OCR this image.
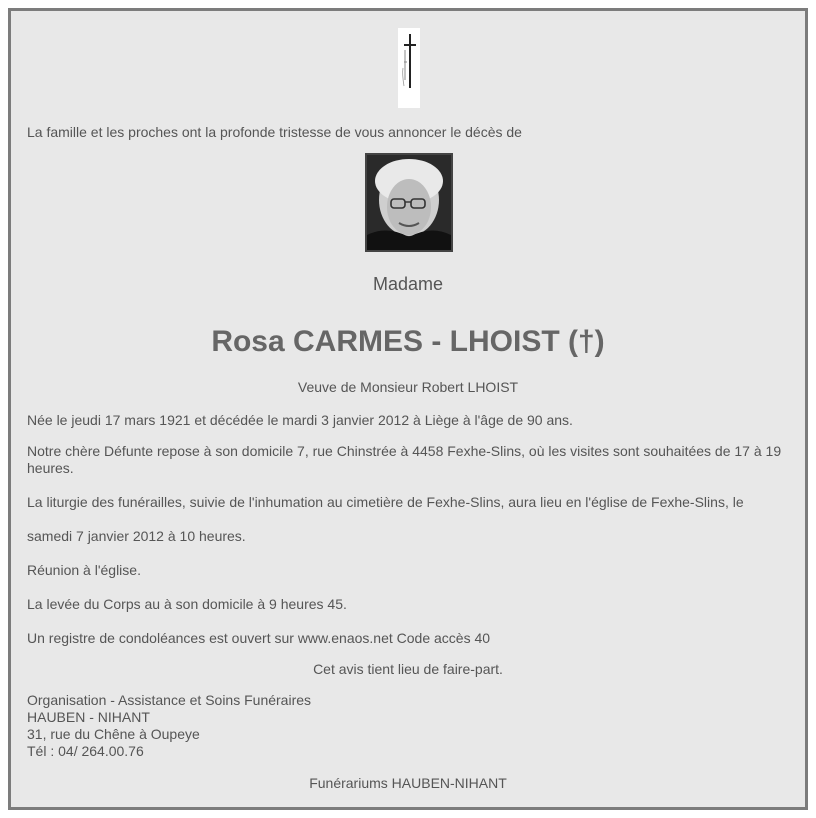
La famille et les proches ont la profonde tristesse de vous annoncer le décès de
Madame
Rosa CARMES - LHOIST (†)
Veuve de Monsieur Robert LHOIST
Née le jeudi 17 mars 1921 et décédée le mardi 3 janvier 2012 à Liège à l'âge de 90 ans.
Notre chère Défunte repose à son domicile 7, rue Chinstrée à 4458 Fexhe-Slins, où les visites sont souhaitées de 17 à 19 heures.
La liturgie des funérailles, suivie de l'inhumation au cimetière de Fexhe-Slins, aura lieu en l'église de Fexhe-Slins, le
samedi 7 janvier 2012 à 10 heures.
Réunion à l'église.
La levée du Corps au à son domicile à 9 heures 45.
Un registre de condoléances est ouvert sur www.enaos.net Code accès 40
Cet avis tient lieu de faire-part.
Organisation - Assistance et Soins Funéraires
HAUBEN - NIHANT
31, rue du Chêne à Oupeye
Tél : 04/ 264.00.76
Funérariums HAUBEN-NIHANT
